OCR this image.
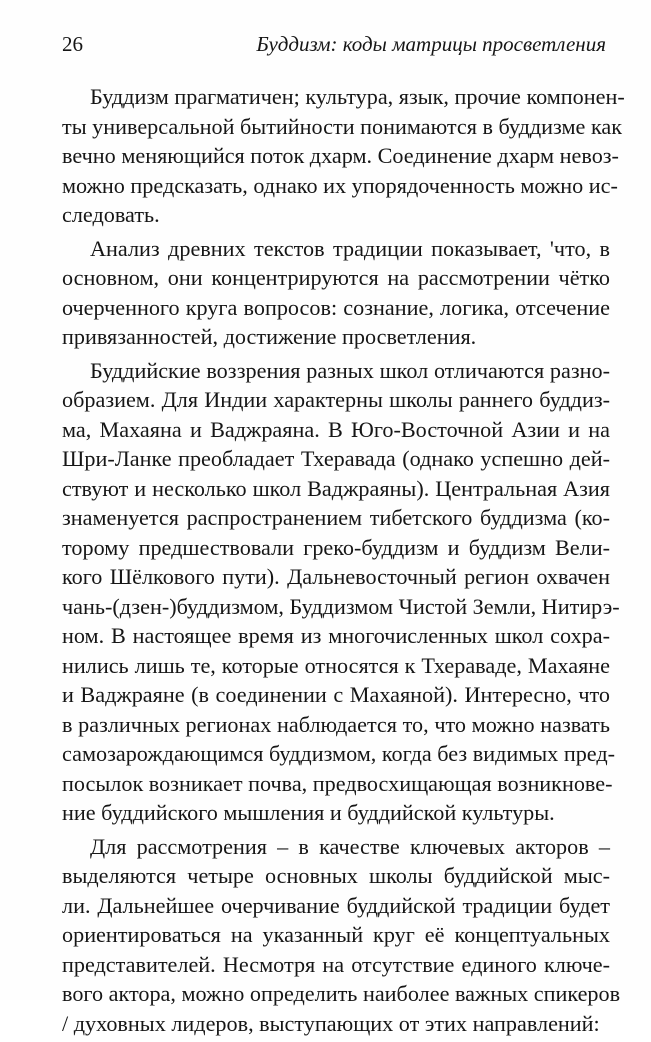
26	Буддизм: коды матрицы просветления

Буддизм прагматичен; культура, язык, прочие компонен-
ты универсальной бытийности понимаются в буддизме как
вечно меняющийся поток дхарм. Соединение дхарм невоз-
можно предсказать, однако их упорядоченность можно ис-
следовать.

Анализ древних текстов традиции показывает, 'что, в
основном, они концентрируются на рассмотрении чётко
очерченного круга вопросов: сознание, логика, отсечение
привязанностей, достижение просветления.

Буддийские воззрения разных школ отличаются разно-
образием. Для Индии характерны школы раннего буддиз-
ма, Махаяна и Ваджраяна. В Юго-Восточной Азии и на
Шри-Ланке преобладает Тхеравада (однако успешно дей-
ствуют и несколько школ Ваджраяны). Центральная Азия
знаменуется распространением тибетского буддизма (ко-
торому предшествовали греко-буддизм и буддизм Вели-
кого Шёлкового пути). Дальневосточный регион охвачен
чань-(дзен-)буддизмом, Буддизмом Чистой Земли, Нитирэ-
ном. В настоящее время из многочисленных школ сохра-
нились лишь те, которые относятся к Тхераваде, Махаяне
и Ваджраяне (в соединении с Махаяной). Интересно, что
в различных регионах наблюдается то, что можно назвать
самозарождающимся буддизмом, когда без видимых пред-
посылок возникает почва, предвосхищающая возникнове-
ние буддийского мышления и буддийской культуры.

Для рассмотрения – в качестве ключевых акторов –
выделяются четыре основных школы буддийской мыс-
ли. Дальнейшее очерчивание буддийской традиции будет
ориентироваться на указанный круг её концептуальных
представителей. Несмотря на отсутствие единого ключе-
вого актора, можно определить наиболее важных спикеров
/ духовных лидеров, выступающих от этих направлений:
